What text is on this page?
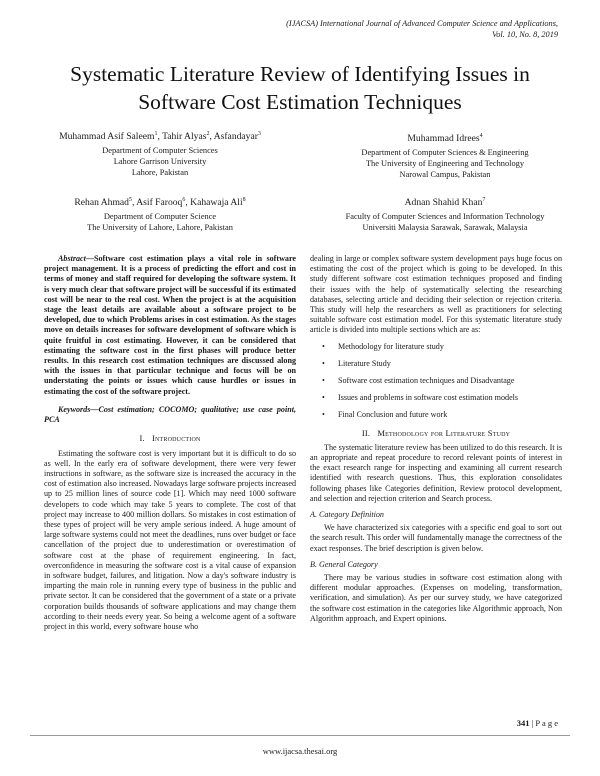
(IJACSA) International Journal of Advanced Computer Science and Applications,
Vol. 10, No. 8, 2019
Systematic Literature Review of Identifying Issues in
Software Cost Estimation Techniques
Muhammad Asif Saleem$^1$, Tahir Alyas$^2$, Asfandayar$^3$
Department of Computer Sciences
Lahore Garrison University
Lahore, Pakistan
Muhammad Idrees$^4$
Department of Computer Sciences & Engineering
The University of Engineering and Technology
Narowal Campus, Pakistan
Rehan Ahmad$^5$, Asif Farooq$^6$, Kahawaja Ali$^8$
Department of Computer Science
The University of Lahore, Lahore, Pakistan
Adnan Shahid Khan$^7$
Faculty of Computer Sciences and Information Technology
Universiti Malaysia Sarawak, Sarawak, Malaysia

Abstract—Software cost estimation plays a vital role in software project management. It is a process of predicting the effort and cost in terms of money and staff required for developing the software system. It is very much clear that software project will be successful if its estimated cost will be near to the real cost. When the project is at the acquisition stage the least details are available about a software project to be developed, due to which Problems arises in cost estimation. As the stages move on details increases for software development of software which is quite fruitful in cost estimating. However, it can be considered that estimating the software cost in the first phases will produce better results. In this research cost estimation techniques are discussed along with the issues in that particular technique and focus will be on understating the points or issues which cause hurdles or issues in estimating the cost of the software project.

Keywords—Cost estimation; COCOMO; qualitative; use case point, PCA

I. Introduction

Estimating the software cost is very important but it is difficult to do so as well. In the early era of software development, there were very fewer instructions in software, as the software size is increased the accuracy in the cost of estimation also increased. Nowadays large software projects increased up to 25 million lines of source code [1]. Which may need 1000 software developers to code which may take 5 years to complete. The cost of that project may increase to 400 million dollars. So mistakes in cost estimation of these types of project will be very ample serious indeed. A huge amount of large software systems could not meet the deadlines, runs over budget or face cancellation of the project due to underestimation or overestimation of software cost at the phase of requirement engineering. In fact, overconfidence in measuring the software cost is a vital cause of expansion in software budget, failures, and litigation. Now a day's software industry is imparting the main role in running every type of business in the public and private sector. It can be considered that the government of a state or a private corporation builds thousands of software applications and may change them according to their needs every year. So being a welcome agent of a software project in this world, every software house who

dealing in large or complex software system development pays huge focus on estimating the cost of the project which is going to be developed. In this study different software cost estimation techniques proposed and finding their issues with the help of systematically selecting the researching databases, selecting article and deciding their selection or rejection criteria. This study will help the researchers as well as practitioners for selecting suitable software cost estimation model. For this systematic literature study article is divided into multiple sections which are as:

• Methodology for literature study
• Literature Study
• Software cost estimation techniques and Disadvantage
• Issues and problems in software cost estimation models
• Final Conclusion and future work
II. Methodology for Literature Study

The systematic literature review has been utilized to do this research. It is an appropriate and repeat procedure to record relevant points of interest in the exact research range for inspecting and examining all current research identified with research questions. Thus, this exploration consolidates following phases like Categories definition, Review protocol development, and selection and rejection criterion and Search process.

A. Category Definition

We have characterized six categories with a specific end goal to sort out the search result. This order will fundamentally manage the correctness of the exact responses. The brief description is given below.

B. General Category

There may be various studies in software cost estimation along with different modular approaches. (Expenses on modeling, transformation, verification, and simulation). As per our survey study, we have categorized the software cost estimation in the categories like Algorithmic approach, Non Algorithm approach, and Expert opinions.

341 | P a g e
www.ijacsa.thesai.org
